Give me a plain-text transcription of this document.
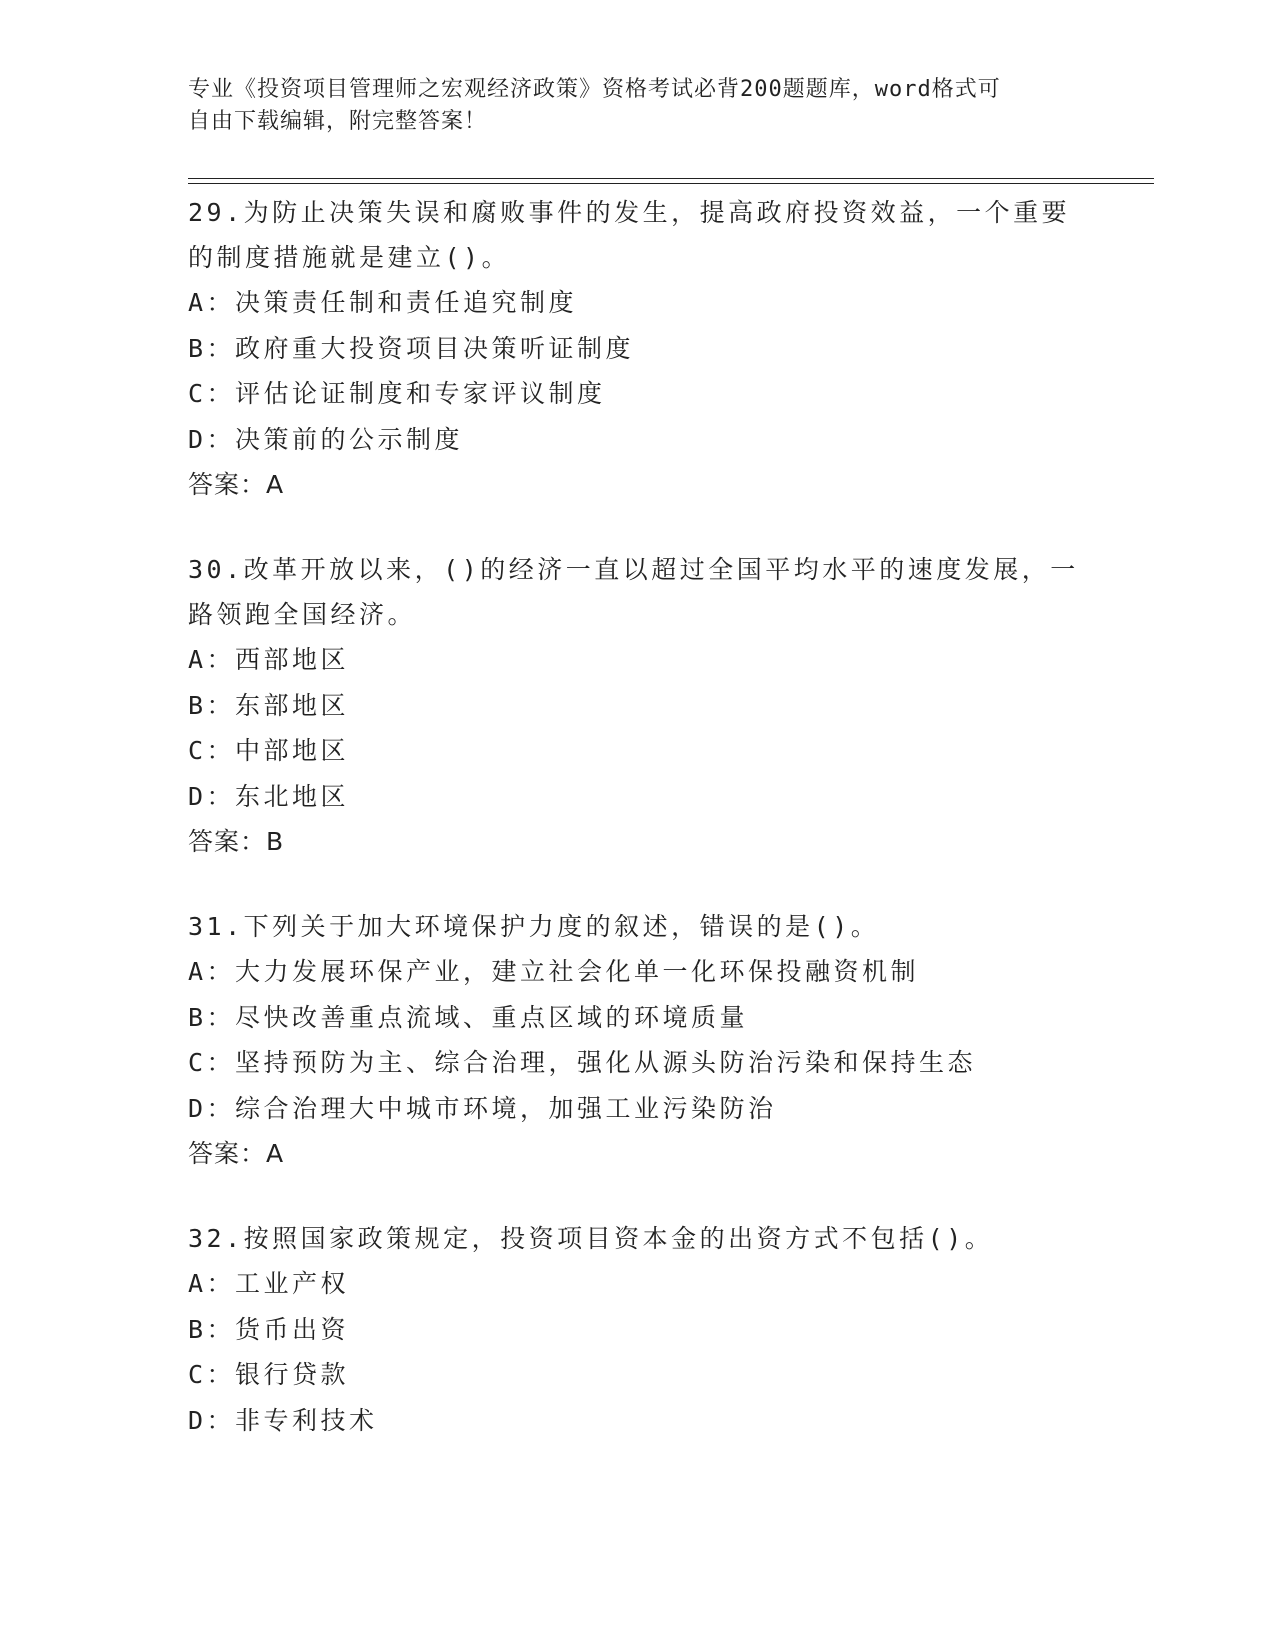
专业《投资项目管理师之宏观经济政策》资格考试必背200题题库，word格式可
自由下载编辑，附完整答案！
29.为防止决策失误和腐败事件的发生，提高政府投资效益，一个重要
的制度措施就是建立()。
A：决策责任制和责任追究制度
B：政府重大投资项目决策听证制度
C：评估论证制度和专家评议制度
D：决策前的公示制度
答案：A
30.改革开放以来，()的经济一直以超过全国平均水平的速度发展，一
路领跑全国经济。
A：西部地区
B：东部地区
C：中部地区
D：东北地区
答案：B
31.下列关于加大环境保护力度的叙述，错误的是()。
A：大力发展环保产业，建立社会化单一化环保投融资机制
B：尽快改善重点流域、重点区域的环境质量
C：坚持预防为主、综合治理，强化从源头防治污染和保持生态
D：综合治理大中城市环境，加强工业污染防治
答案：A
32.按照国家政策规定，投资项目资本金的出资方式不包括()。
A：工业产权
B：货币出资
C：银行贷款
D：非专利技术
